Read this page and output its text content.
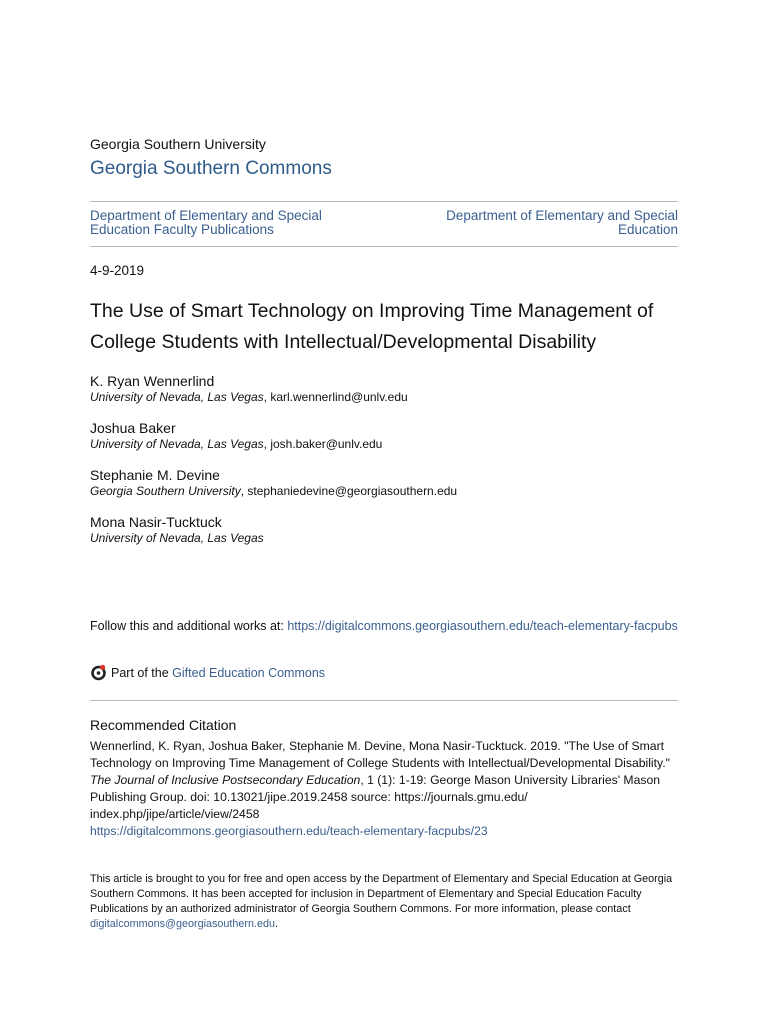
Georgia Southern University
Georgia Southern Commons
Department of Elementary and Special
Education Faculty Publications
Department of Elementary and Special
Education
4-9-2019
The Use of Smart Technology on Improving Time Management of College Students with Intellectual/Developmental Disability
K. Ryan Wennerlind
University of Nevada, Las Vegas, karl.wennerlind@unlv.edu
Joshua Baker
University of Nevada, Las Vegas, josh.baker@unlv.edu
Stephanie M. Devine
Georgia Southern University, stephaniedevine@georgiasouthern.edu
Mona Nasir-Tucktuck
University of Nevada, Las Vegas
Follow this and additional works at: https://digitalcommons.georgiasouthern.edu/teach-elementary-facpubs
Part of the
Gifted Education Commons
Recommended Citation
Wennerlind, K. Ryan, Joshua Baker, Stephanie M. Devine, Mona Nasir-Tucktuck. 2019. "The Use of Smart Technology on Improving Time Management of College Students with Intellectual/Developmental Disability." The Journal of Inclusive Postsecondary Education, 1 (1): 1-19: George Mason University Libraries' Mason Publishing Group. doi: 10.13021/jipe.2019.2458 source: https://journals.gmu.edu/ index.php/jipe/article/view/2458
https://digitalcommons.georgiasouthern.edu/teach-elementary-facpubs/23
This article is brought to you for free and open access by the Department of Elementary and Special Education at Georgia Southern Commons. It has been accepted for inclusion in Department of Elementary and Special Education Faculty Publications by an authorized administrator of Georgia Southern Commons. For more information, please contact digitalcommons@georgiasouthern.edu.
